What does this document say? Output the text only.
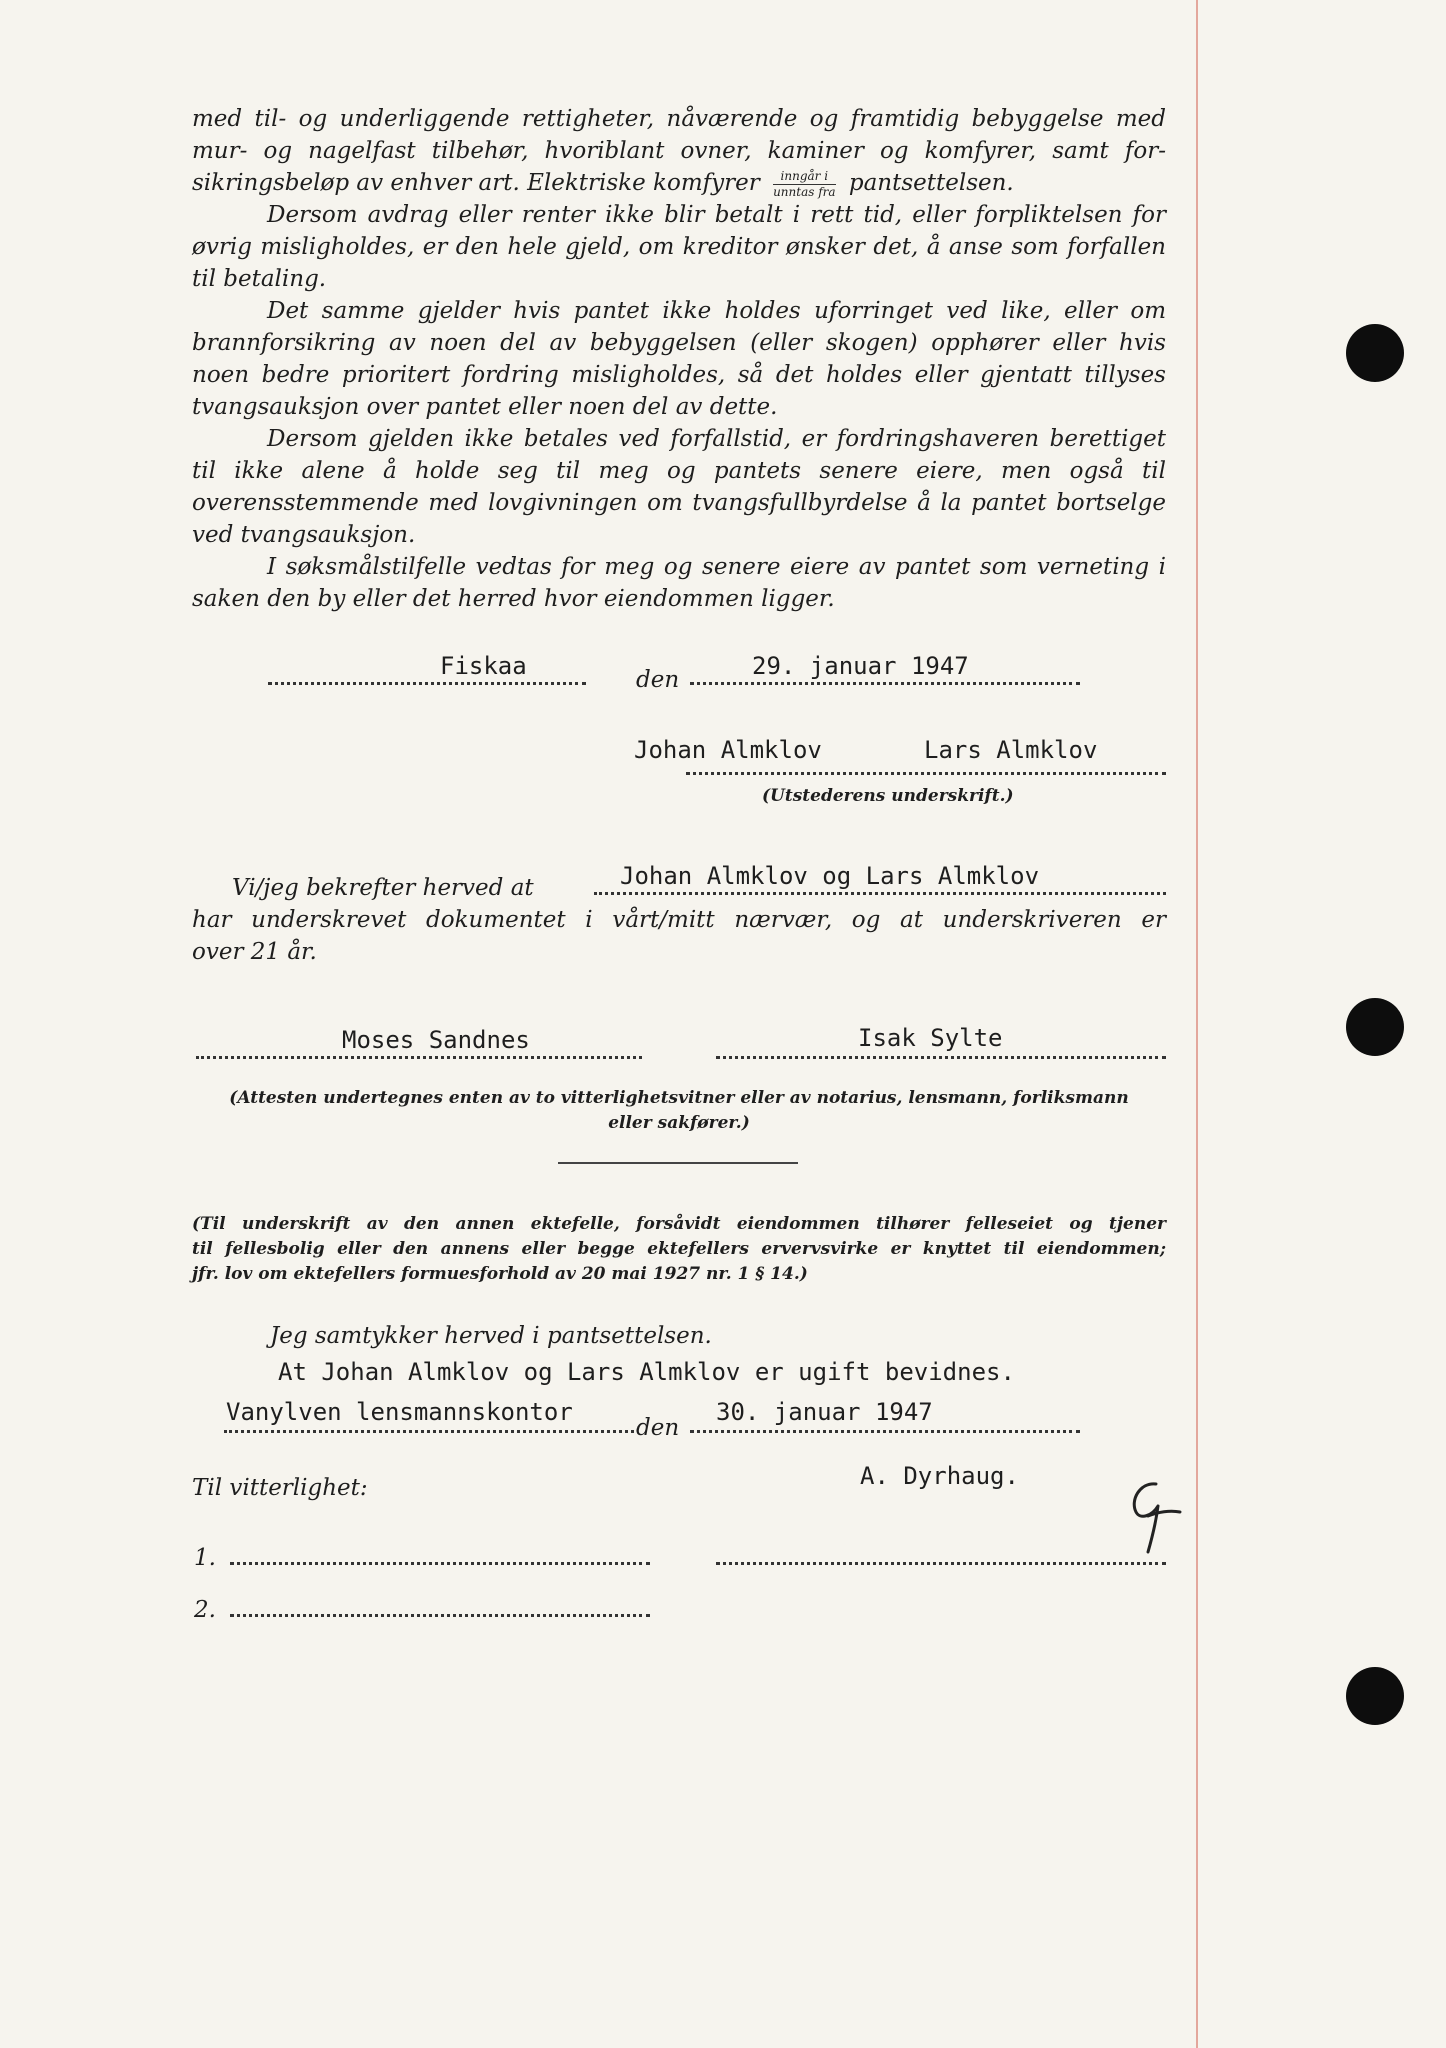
med til- og underliggende rettigheter, nåværende og framtidig bebyggelse med

mur- og nagelfast tilbehør, hvoriblant ovner, kaminer og komfyrer, samt for-

sikringsbeløp av enhver art. Elektriske komfyrer $\frac{\text{inngår i}}{\text{unntas fra}}$ pantsettelsen.

Dersom avdrag eller renter ikke blir betalt i rett tid, eller forpliktelsen for øvrig misligholdes, er den hele gjeld, om kreditor ønsker det, å anse som forfallen til betaling.

Det samme gjelder hvis pantet ikke holdes uforringet ved like, eller om brannforsikring av noen del av bebyggelsen (eller skogen) opphører eller hvis noen bedre prioritert fordring misligholdes, så det holdes eller gjentatt tillyses tvangsauksjon over pantet eller noen del av dette.

Dersom gjelden ikke betales ved forfallstid, er fordringshaveren berettiget til ikke alene å holde seg til meg og pantets senere eiere, men også til overensstemmende med lovgivningen om tvangsfullbyrdelse å la pantet bortselge ved tvangsauksjon.

I søksmålstilfelle vedtas for meg og senere eiere av pantet som verneting i saken den by eller det herred hvor eiendommen ligger.

Fiskaa	den	29. januar 1947
Johan Almklov	Lars Almklov
(Utstederens underskrift.)
Vi/jeg bekrefter herved at	Johan Almklov og Lars Almklov
har underskrevet dokumentet i vårt/mitt nærvær, og at underskriveren er
over 21 år.
Moses Sandnes	Isak Sylte
(Attesten undertegnes enten av to vitterlighetsvitner eller av notarius, lensmann, forliksmann
eller sakfører.)
(Til underskrift av den annen ektefelle, forsåvidt eiendommen tilhører felleseiet og tjener
til fellesbolig eller den annens eller begge ektefellers ervervsvirke er knyttet til eiendommen;
jfr. lov om ektefellers formuesforhold av 20 mai 1927 nr. 1 § 14.)
Jeg samtykker herved i pantsettelsen.
At Johan Almklov og Lars Almklov er ugift bevidnes.
Vanylven lensmannskontor
den
30. januar 1947
Til vitterlighet:	A. Dyrhaug.
1.
2.
